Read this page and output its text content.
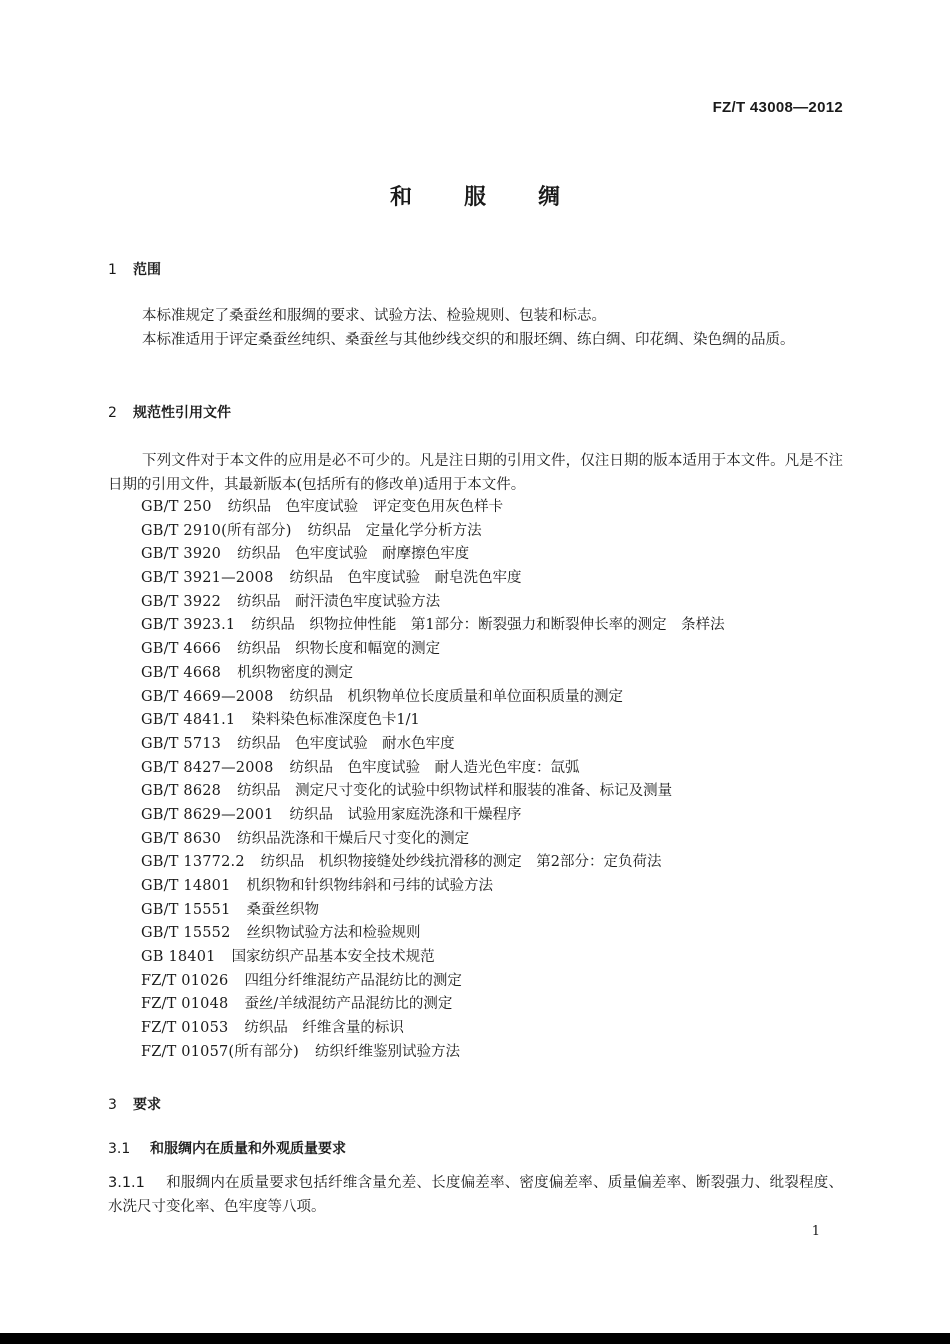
FZ/T 43008—2012
和 服 绸
1 范围
本标准规定了桑蚕丝和服绸的要求、试验方法、检验规则、包装和标志。
本标准适用于评定桑蚕丝纯织、桑蚕丝与其他纱线交织的和服坯绸、练白绸、印花绸、染色绸的品质。
2 规范性引用文件
下列文件对于本文件的应用是必不可少的。凡是注日期的引用文件，仅注日期的版本适用于本文件。凡是不注日期的引用文件，其最新版本(包括所有的修改单)适用于本文件。
GB/T 250 纺织品　色牢度试验　评定变色用灰色样卡
GB/T 2910(所有部分) 纺织品　定量化学分析方法
GB/T 3920 纺织品　色牢度试验　耐摩擦色牢度
GB/T 3921—2008 纺织品　色牢度试验　耐皂洗色牢度
GB/T 3922 纺织品　耐汗渍色牢度试验方法
GB/T 3923.1 纺织品　织物拉伸性能　第1部分：断裂强力和断裂伸长率的测定　条样法
GB/T 4666 纺织品　织物长度和幅宽的测定
GB/T 4668 机织物密度的测定
GB/T 4669—2008 纺织品　机织物单位长度质量和单位面积质量的测定
GB/T 4841.1 染料染色标准深度色卡1/1
GB/T 5713 纺织品　色牢度试验　耐水色牢度
GB/T 8427—2008 纺织品　色牢度试验　耐人造光色牢度：氙弧
GB/T 8628 纺织品　测定尺寸变化的试验中织物试样和服装的准备、标记及测量
GB/T 8629—2001 纺织品　试验用家庭洗涤和干燥程序
GB/T 8630 纺织品洗涤和干燥后尺寸变化的测定
GB/T 13772.2 纺织品　机织物接缝处纱线抗滑移的测定　第2部分：定负荷法
GB/T 14801 机织物和针织物纬斜和弓纬的试验方法
GB/T 15551 桑蚕丝织物
GB/T 15552 丝织物试验方法和检验规则
GB 18401 国家纺织产品基本安全技术规范
FZ/T 01026 四组分纤维混纺产品混纺比的测定
FZ/T 01048 蚕丝/羊绒混纺产品混纺比的测定
FZ/T 01053 纺织品　纤维含量的标识
FZ/T 01057(所有部分) 纺织纤维鉴别试验方法
3 要求
3.1 和服绸内在质量和外观质量要求
3.1.1 和服绸内在质量要求包括纤维含量允差、长度偏差率、密度偏差率、质量偏差率、断裂强力、纰裂程度、水洗尺寸变化率、色牢度等八项。
1
